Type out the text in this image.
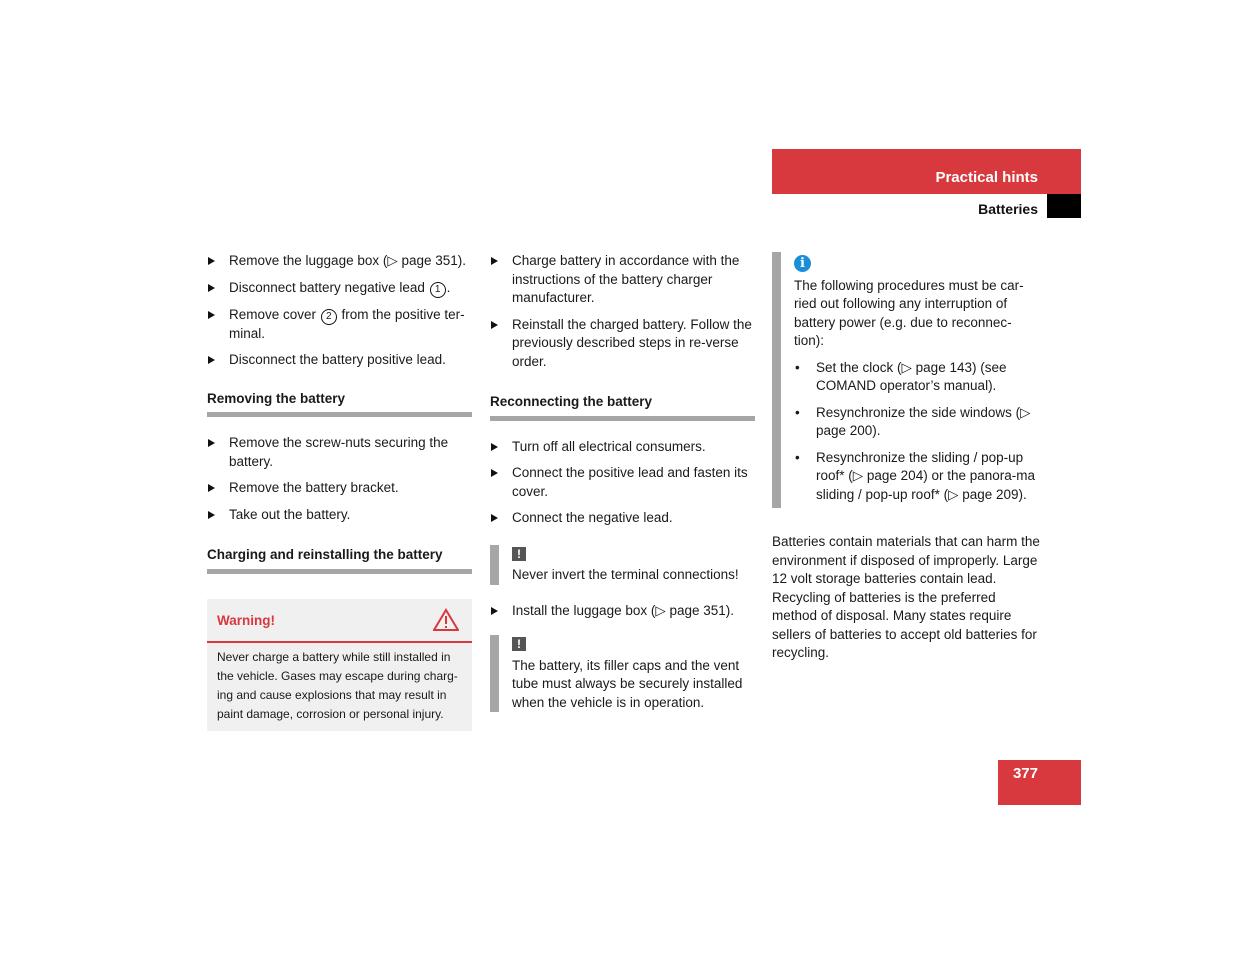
Practical hints
Batteries
Remove the luggage box (▷ page 351).
Disconnect battery negative lead 1 .
Remove cover 2 from the positive ter-minal.
Disconnect the battery positive lead.
Removing the battery
Remove the screw-nuts securing the battery.
Remove the battery bracket.
Take out the battery.
Charging and reinstalling the battery
Warning!
Never charge a battery while still installed in the vehicle. Gases may escape during charg-ing and cause explosions that may result in paint damage, corrosion or personal injury.
Charge battery in accordance with the instructions of the battery charger manufacturer.
Reinstall the charged battery. Follow the previously described steps in re-verse order.
Reconnecting the battery
Turn off all electrical consumers.
Connect the positive lead and fasten its cover.
Connect the negative lead.
!
Never invert the terminal connections!
Install the luggage box (▷ page 351).
!
The battery, its filler caps and the vent tube must always be securely installed when the vehicle is in operation.
i
The following procedures must be car-ried out following any interruption of battery power (e.g. due to reconnec-tion):
• Set the clock (▷ page 143) (see COMAND operator’s manual).
• Resynchronize the side windows (▷ page 200).
• Resynchronize the sliding / pop-up roof* (▷ page 204) or the panora-ma sliding / pop-up roof* (▷ page 209).
Batteries contain materials that can harm the environment if disposed of improperly. Large 12 volt storage batteries contain lead. Recycling of batteries is the preferred method of disposal. Many states require sellers of batteries to accept old batteries for recycling.
377
